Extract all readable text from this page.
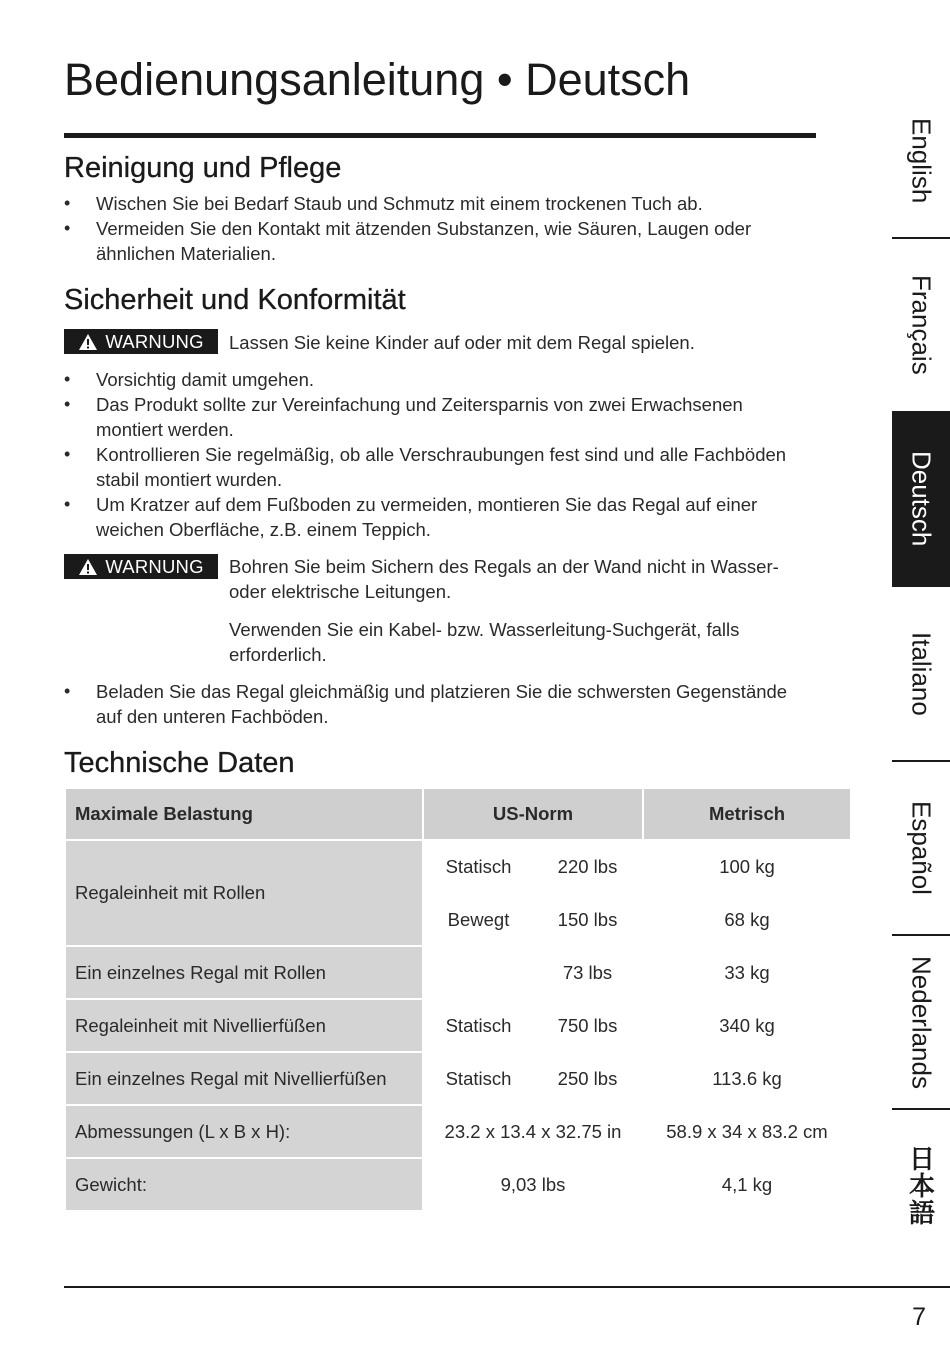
Bedienungsanleitung • Deutsch
Reinigung und Pflege
• Wischen Sie bei Bedarf Staub und Schmutz mit einem trockenen Tuch ab.
• Vermeiden Sie den Kontakt mit ätzenden Substanzen, wie Säuren, Laugen oder ähnlichen Materialien.
Sicherheit und Konformität
WARNUNG Lassen Sie keine Kinder auf oder mit dem Regal spielen.

• Vorsichtig damit umgehen.
• Das Produkt sollte zur Vereinfachung und Zeitersparnis von zwei Erwachsenen montiert werden.
• Kontrollieren Sie regelmäßig, ob alle Verschraubungen fest sind und alle Fachböden stabil montiert wurden.
• Um Kratzer auf dem Fußboden zu vermeiden, montieren Sie das Regal auf einer weichen Oberfläche, z.B. einem Teppich.
WARNUNG Bohren Sie beim Sichern des Regals an der Wand nicht in Wasser- oder elektrische Leitungen.

Verwenden Sie ein Kabel- bzw. Wasserleitung-Suchgerät, falls erforderlich.

• Beladen Sie das Regal gleichmäßig und platzieren Sie die schwersten Gegenstände auf den unteren Fachböden.
Technische Daten
Maximale Belastung	US-Norm	Metrisch
Regaleinheit mit Rollen	Statisch 220 lbs	100 kg

	Bewegt 150 lbs	68 kg
Ein einzelnes Regal mit Rollen	73 lbs	33 kg
Regaleinheit mit Nivellierfüßen	Statisch 750 lbs	340 kg
Ein einzelnes Regal mit Nivellierfüßen	Statisch 250 lbs	113.6 kg
Abmessungen (L x B x H):	23.2 x 13.4 x 32.75 in	58.9 x 34 x 83.2 cm
Gewicht:	9,03 lbs	4,1 kg
English
Français
Deutsch
Italiano
Español
Nederlands
日本語
7
